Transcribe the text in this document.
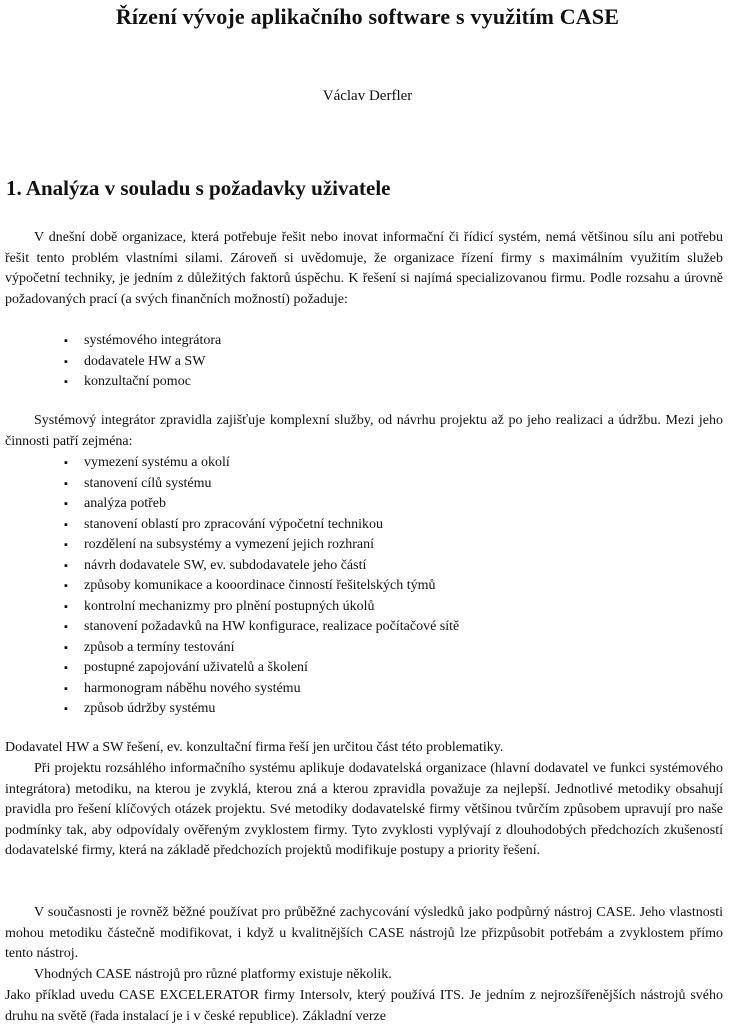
Řízení vývoje aplikačního software s využitím CASE
Václav Derfler
1. Analýza v souladu s požadavky uživatele

V dnešní době organizace, která potřebuje řešit nebo inovat informační či řídicí systém, nemá většinou sílu ani potřebu řešit tento problém vlastními silami. Zároveň si uvědomuje, že organizace řízení firmy s maximálním využitím služeb výpočetní techniky, je jedním z důležitých faktorů úspěchu. K řešení si najímá specializovanou firmu. Podle rozsahu a úrovně požadovaných prací (a svých finančních možností) požaduje:

▪ systémového integrátora
▪ dodavatele HW a SW
▪ konzultační pomoc

Systémový integrátor zpravidla zajišťuje komplexní služby, od návrhu projektu až po jeho realizaci a údržbu. Mezi jeho činnosti patří zejména:

▪ vymezení systému a okolí
▪ stanovení cílů systému
▪ analýza potřeb
▪ stanovení oblastí pro zpracování výpočetní technikou
▪ rozdělení na subsystémy a vymezení jejich rozhraní
▪ návrh dodavatele SW, ev. subdodavatele jeho částí
▪ způsoby komunikace a kooordinace činností řešitelských týmů
▪ kontrolní mechanizmy pro plnění postupných úkolů
▪ stanovení požadavků na HW konfigurace, realizace počítačové sítě
▪ způsob a termíny testování
▪ postupné zapojování uživatelů a školení
▪ harmonogram náběhu nového systému
▪ způsob údržby systému
Dodavatel HW a SW řešení, ev. konzultační firma řeší jen určitou část této problematiky.

Při projektu rozsáhlého informačního systému aplikuje dodavatelská organizace (hlavní dodavatel ve funkci systémového integrátora) metodiku, na kterou je zvyklá, kterou zná a kterou zpravidla považuje za nejlepší. Jednotlivé metodiky obsahují pravidla pro řešení klíčových otázek projektu. Své metodiky dodavatelské firmy většinou tvůrčím způsobem upravují pro naše podmínky tak, aby odpovídaly ověřeným zvyklostem firmy. Tyto zvyklosti vyplývají z dlouhodobých předchozích zkušeností dodavatelské firmy, která na základě předchozích projektů modifikuje postupy a priority řešení.

V současnosti je rovněž běžné používat pro průběžné zachycování výsledků jako podpůrný nástroj CASE. Jeho vlastnosti mohou metodiku částečně modifikovat, i když u kvalitnějších CASE nástrojů lze přizpůsobit potřebám a zvyklostem přímo tento nástroj.

Vhodných CASE nástrojů pro různé platformy existuje několik.

Jako příklad uvedu CASE EXCELERATOR firmy Intersolv, který používá ITS. Je jedním z nejrozšířenějších nástrojů svého druhu na světě (řada instalací je i v české republice). Základní verze
